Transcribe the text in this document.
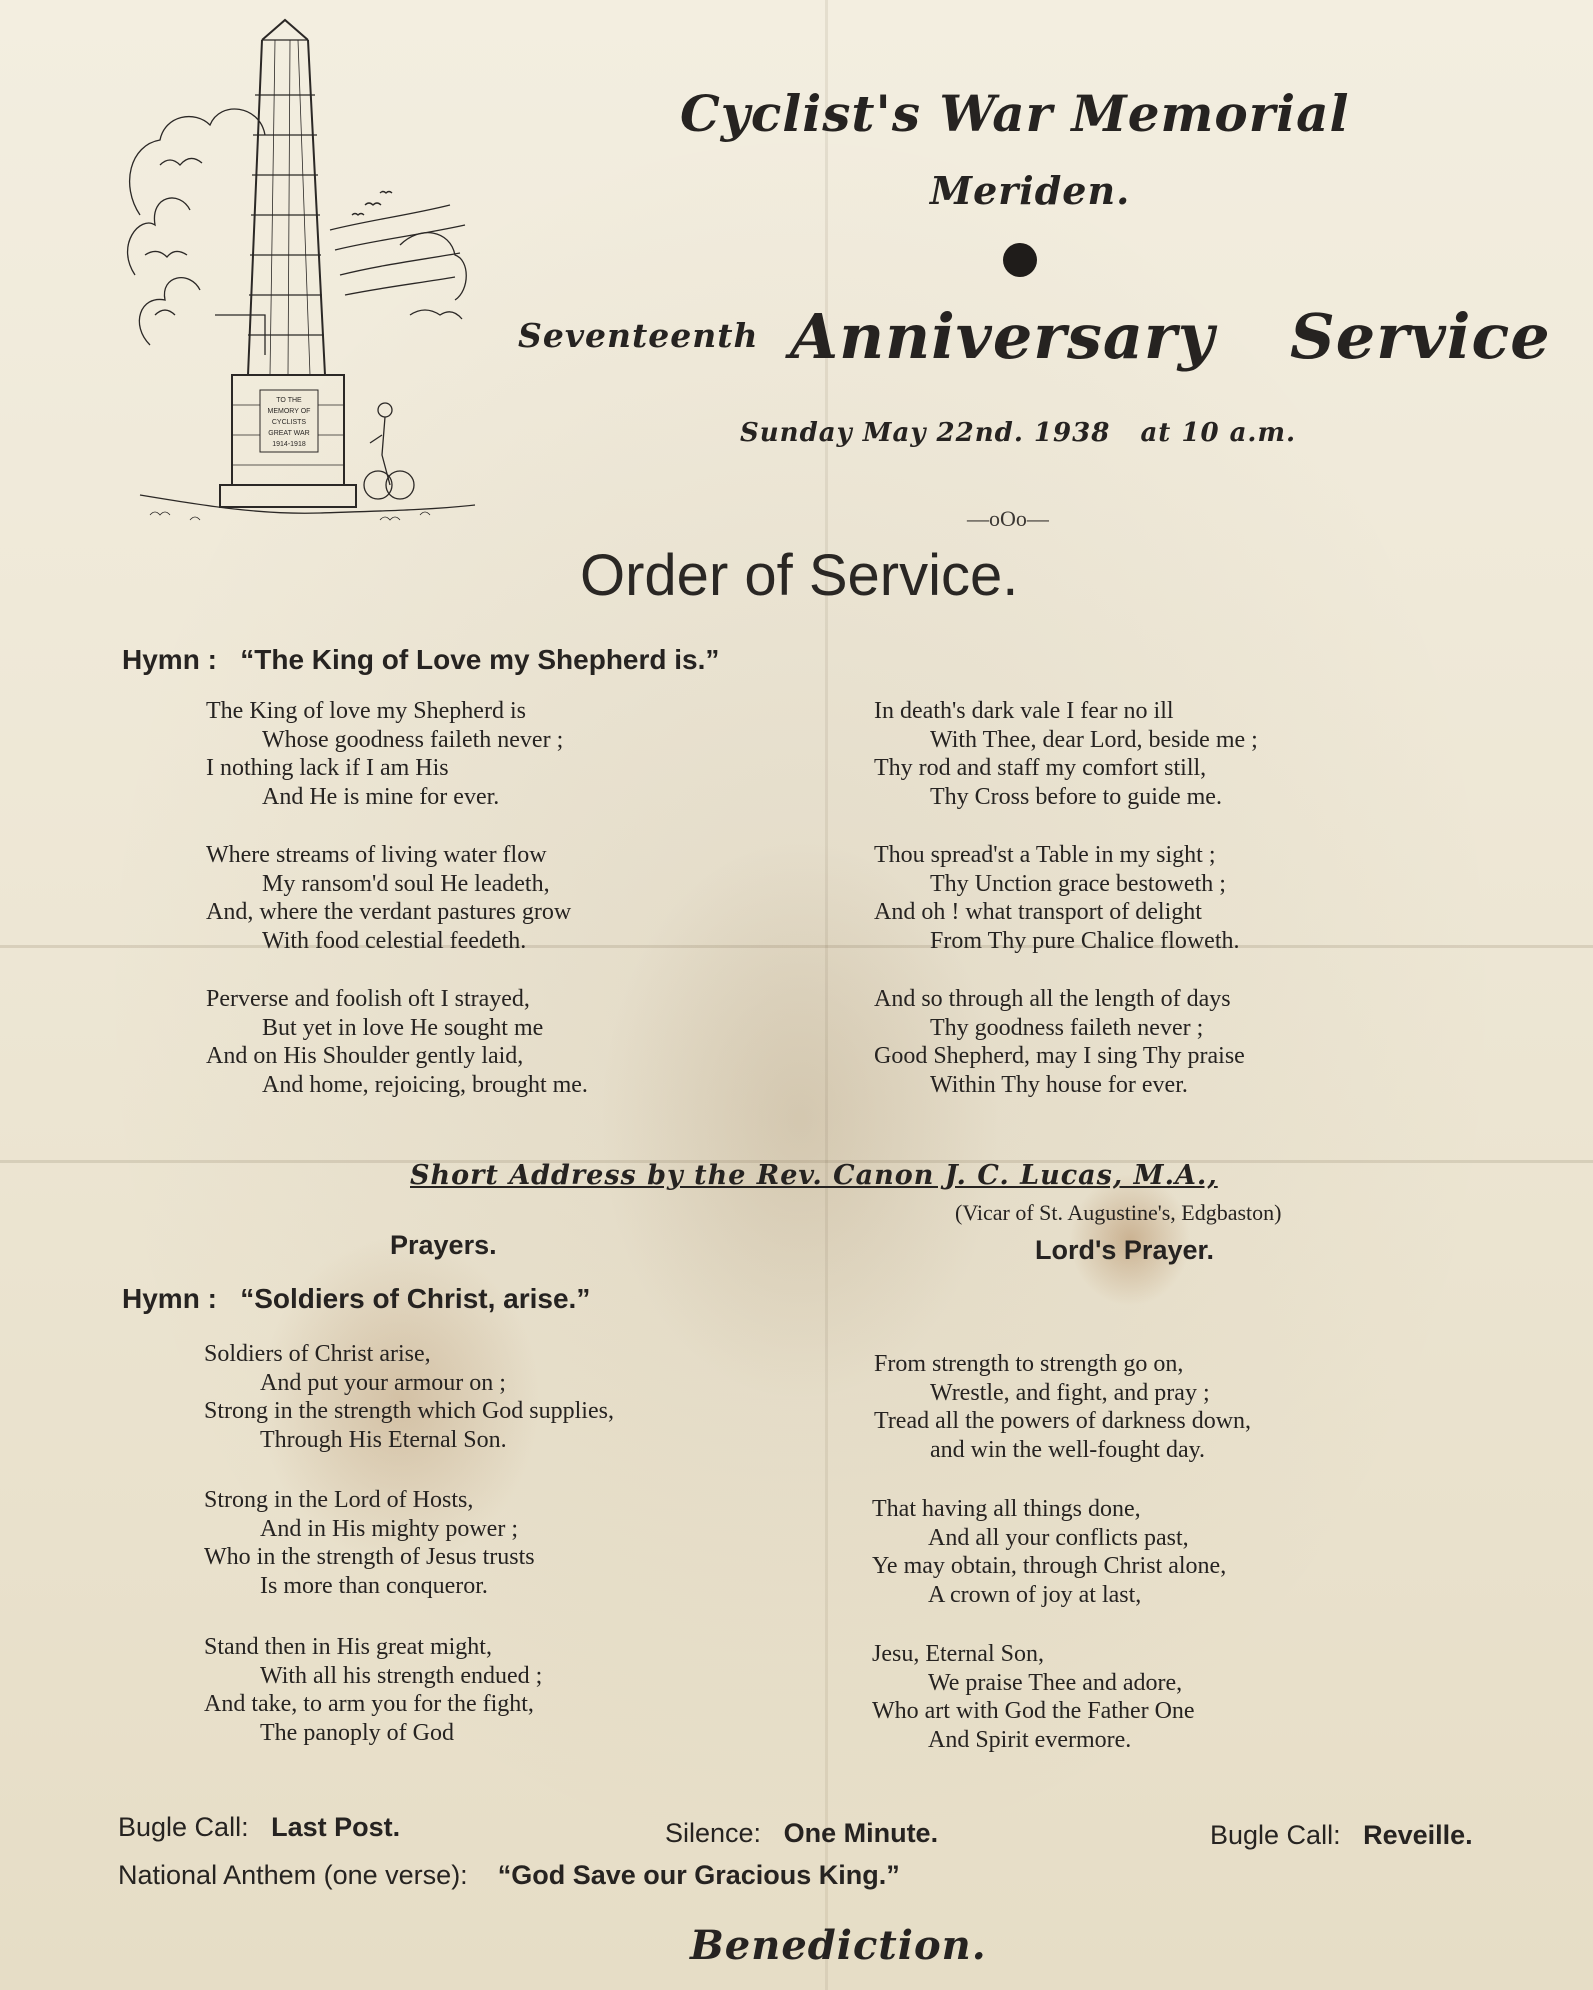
TO THE
MEMORY OF
CYCLISTS
GREAT WAR
1914-1918
Cyclist's War Memorial
Meriden.
Seventeenth Anniversary Service
Sunday May 22nd. 1938   at 10 a.m.
—oOo—
Order of Service.
Hymn :   “The King of Love my Shepherd is.”
The King of love my Shepherd is
Whose goodness faileth never ;
I nothing lack if I am His
And He is mine for ever.
Where streams of living water flow
My ransom'd soul He leadeth,
And, where the verdant pastures grow
With food celestial feedeth.
Perverse and foolish oft I strayed,
But yet in love He sought me
And on His Shoulder gently laid,
And home, rejoicing, brought me.
In death's dark vale I fear no ill
With Thee, dear Lord, beside me ;
Thy rod and staff my comfort still,
Thy Cross before to guide me.
Thou spread'st a Table in my sight ;
Thy Unction grace bestoweth ;
And oh ! what transport of delight
From Thy pure Chalice floweth.
And so through all the length of days
Thy goodness faileth never ;
Good Shepherd, may I sing Thy praise
Within Thy house for ever.
Short Address by the Rev. Canon J. C. Lucas, M.A.,
(Vicar of St. Augustine's, Edgbaston)
Prayers.	Lord's Prayer.
Hymn :   “Soldiers of Christ, arise.”
Soldiers of Christ arise,
And put your armour on ;
Strong in the strength which God supplies,
Through His Eternal Son.
Strong in the Lord of Hosts,
And in His mighty power ;
Who in the strength of Jesus trusts
Is more than conqueror.
Stand then in His great might,
With all his strength endued ;
And take, to arm you for the fight,
The panoply of God
From strength to strength go on,
Wrestle, and fight, and pray ;
Tread all the powers of darkness down,
and win the well-fought day.
That having all things done,
And all your conflicts past,
Ye may obtain, through Christ alone,
A crown of joy at last,
Jesu, Eternal Son,
We praise Thee and adore,
Who art with God the Father One
And Spirit evermore.
Bugle Call: Last Post.	Silence: One Minute.	Bugle Call: Reveille.
National Anthem (one verse): “God Save our Gracious King.”
Benediction.
